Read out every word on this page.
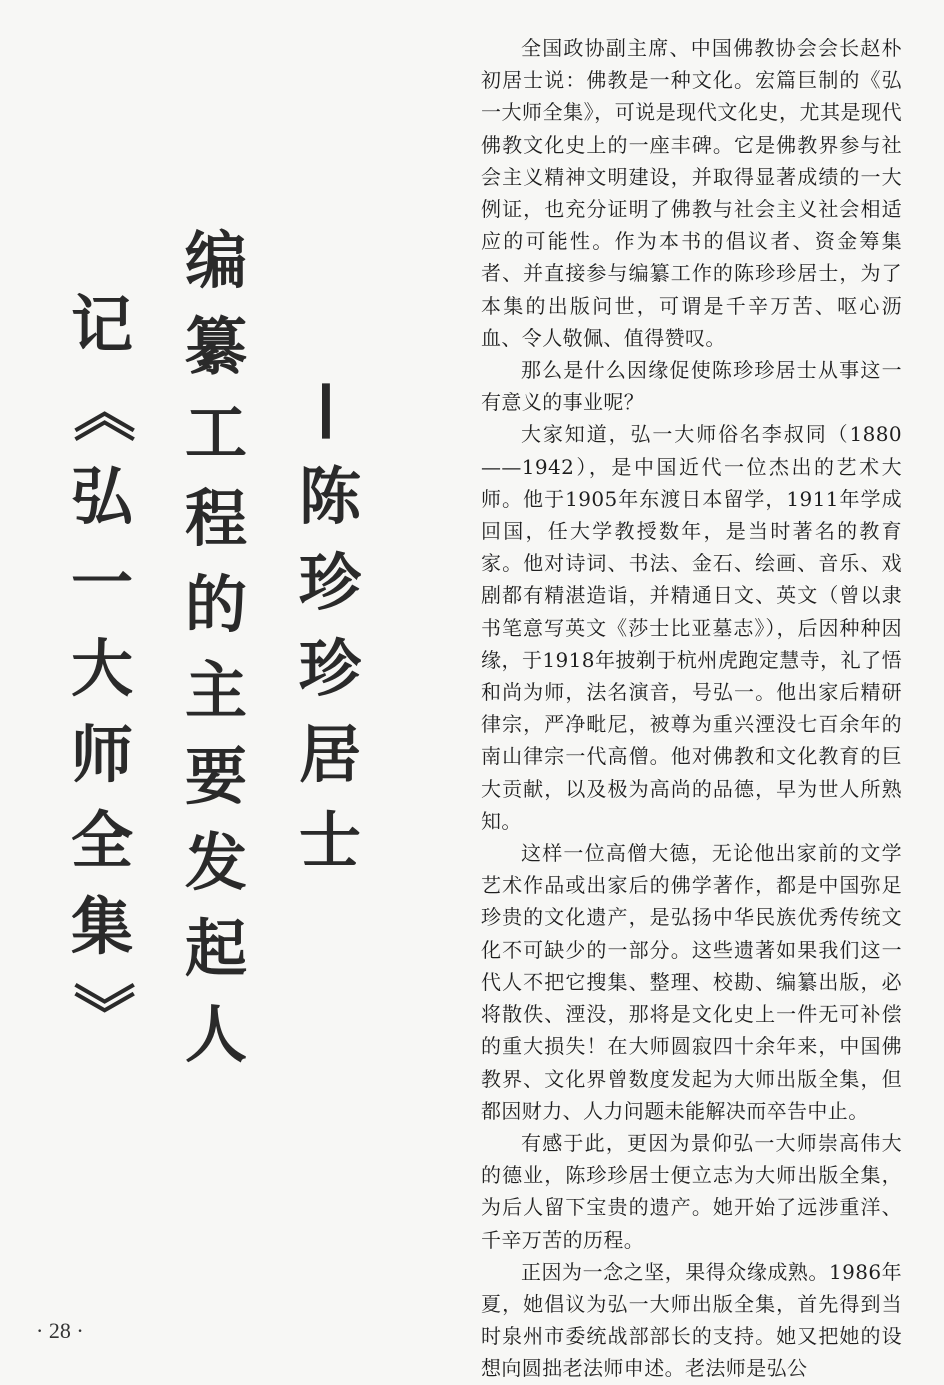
记
《
弘
一
大
师
全
集
》
编
纂
工
程
的
主
要
发
起
人
—
陈
珍
珍
居
士

全国政协副主席、中国佛教协会会长赵朴初居士说：佛教是一种文化。宏篇巨制的《弘一大师全集》，可说是现代文化史，尤其是现代佛教文化史上的一座丰碑。它是佛教界参与社会主义精神文明建设，并取得显著成绩的一大例证，也充分证明了佛教与社会主义社会相适应的可能性。作为本书的倡议者、资金筹集者、并直接参与编纂工作的陈珍珍居士，为了本集的出版问世，可谓是千辛万苦、呕心沥血、令人敬佩、值得赞叹。

那么是什么因缘促使陈珍珍居士从事这一有意义的事业呢？

大家知道，弘一大师俗名李叔同（1880——1942），是中国近代一位杰出的艺术大师。他于1905年东渡日本留学，1911年学成回国，任大学教授数年，是当时著名的教育家。他对诗词、书法、金石、绘画、音乐、戏剧都有精湛造诣，并精通日文、英文（曾以隶书笔意写英文《莎士比亚墓志》），后因种种因缘，于1918年披剃于杭州虎跑定慧寺，礼了悟和尚为师，法名演音，号弘一。他出家后精研律宗，严净毗尼，被尊为重兴湮没七百余年的南山律宗一代高僧。他对佛教和文化教育的巨大贡献，以及极为高尚的品德，早为世人所熟知。

这样一位高僧大德，无论他出家前的文学艺术作品或出家后的佛学著作，都是中国弥足珍贵的文化遗产，是弘扬中华民族优秀传统文化不可缺少的一部分。这些遗著如果我们这一代人不把它搜集、整理、校勘、编纂出版，必将散佚、湮没，那将是文化史上一件无可补偿的重大损失！在大师圆寂四十余年来，中国佛教界、文化界曾数度发起为大师出版全集，但都因财力、人力问题未能解决而卒告中止。

有感于此，更因为景仰弘一大师崇高伟大的德业，陈珍珍居士便立志为大师出版全集，为后人留下宝贵的遗产。她开始了远涉重洋、千辛万苦的历程。

正因为一念之坚，果得众缘成熟。1986年夏，她倡议为弘一大师出版全集，首先得到当时泉州市委统战部部长的支持。她又把她的设想向圆拙老法师申述。老法师是弘公

· 28 ·
